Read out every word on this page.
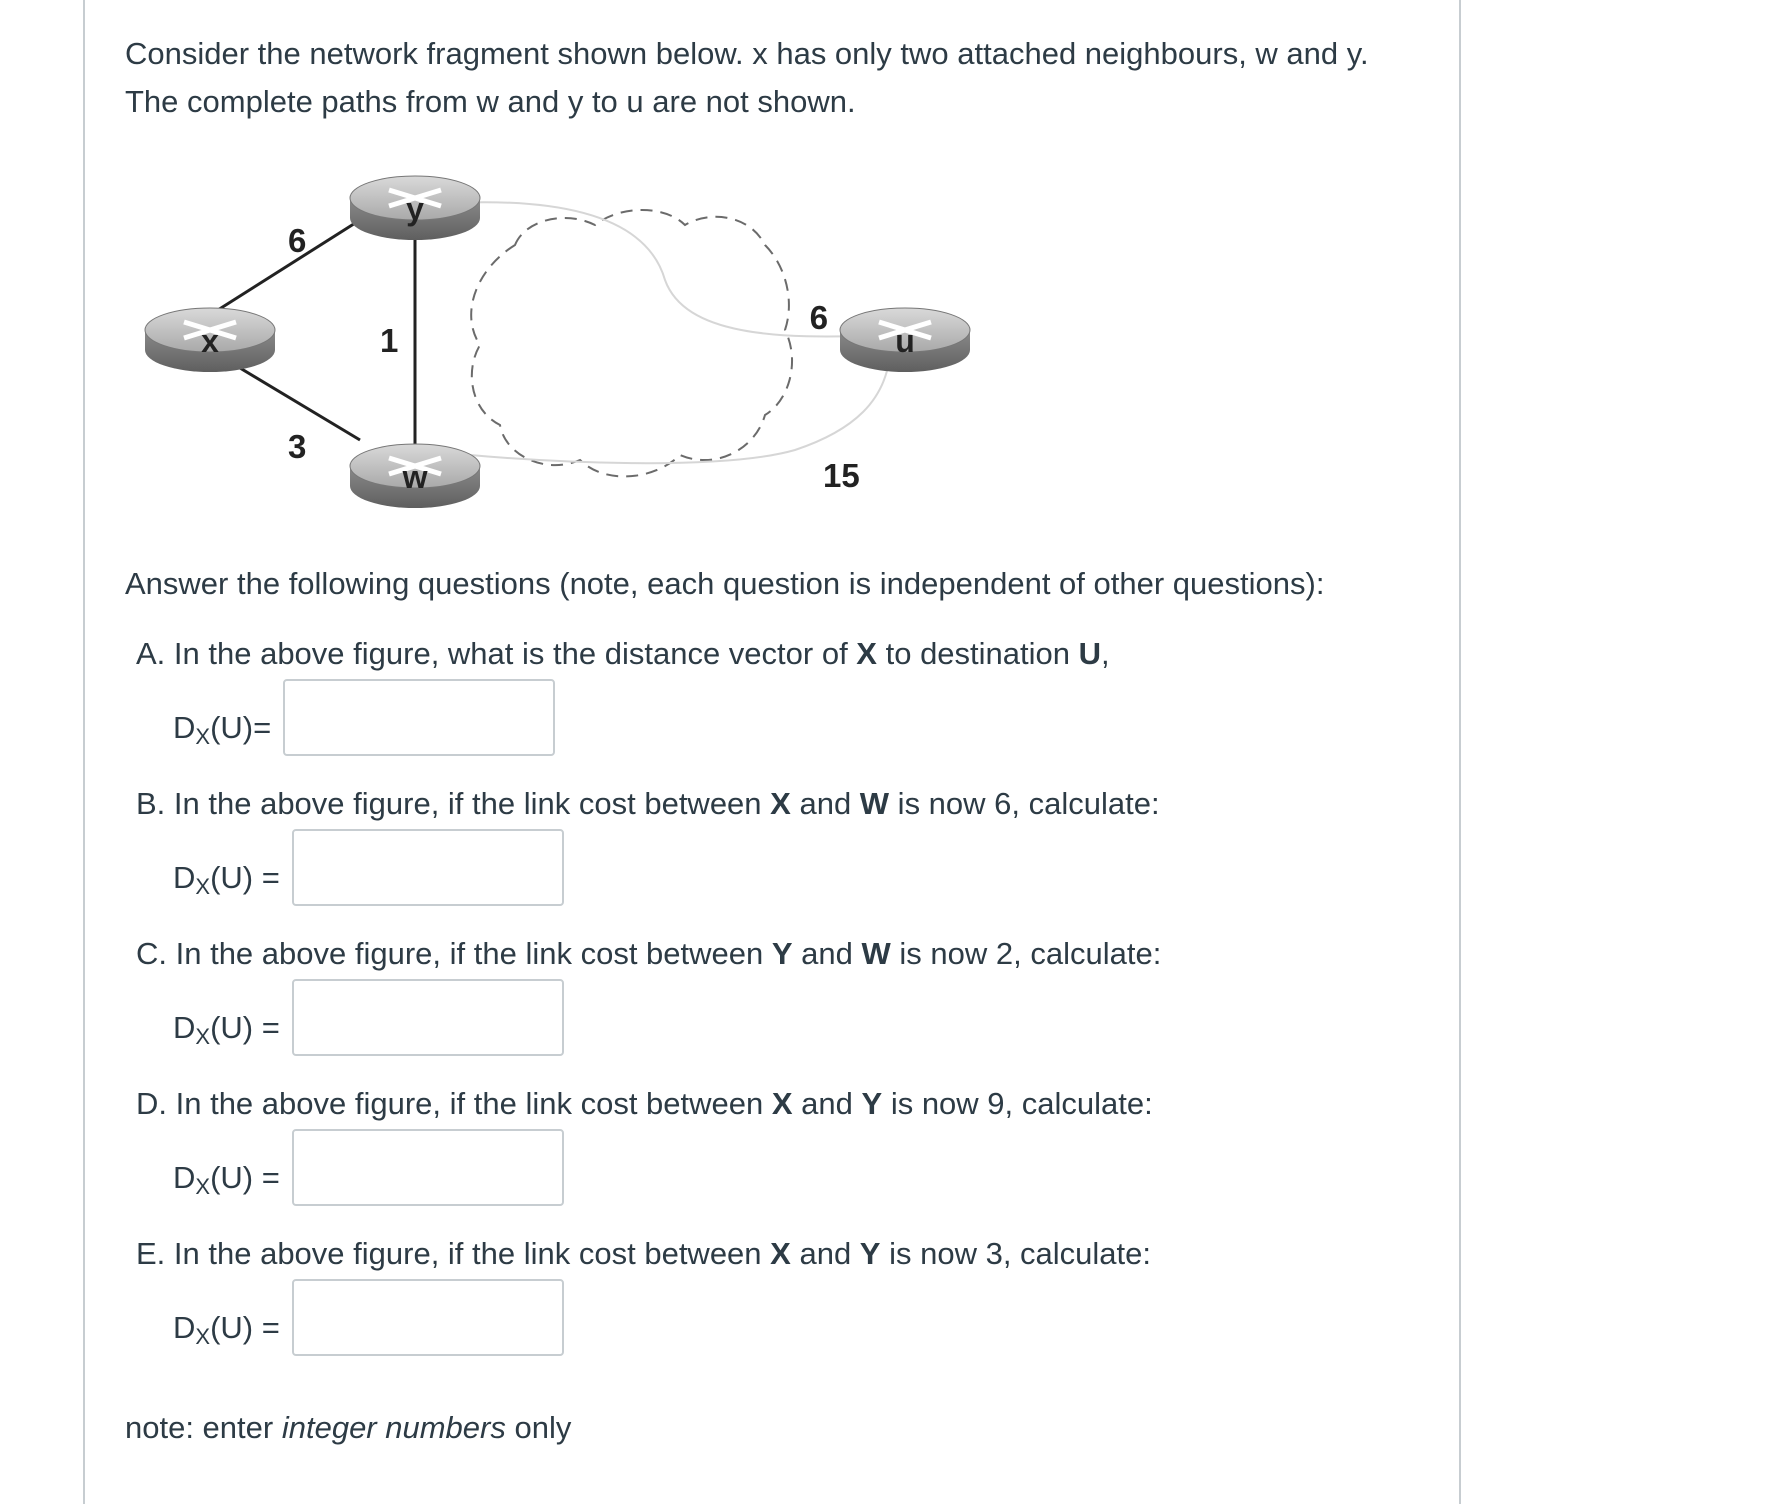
Consider the network fragment shown below. x has only two attached neighbours, w and y.

The complete paths from w and y to u are not shown.

x
y
w
u
6
1
3
9
15
Answer the following questions (note, each question is independent of other questions):
A. In the above figure, what is the distance vector of X to destination U,
$D_X(U)=$
B. In the above figure, if the link cost between X and W is now 6, calculate:
$D_X(U)$ =
C. In the above figure, if the link cost between Y and W is now 2, calculate:
$D_X(U)$ =
D. In the above figure, if the link cost between X and Y is now 9, calculate:
$D_X(U)$ =
E. In the above figure, if the link cost between X and Y is now 3, calculate:
$D_X(U)$ =
note: enter integer numbers only
